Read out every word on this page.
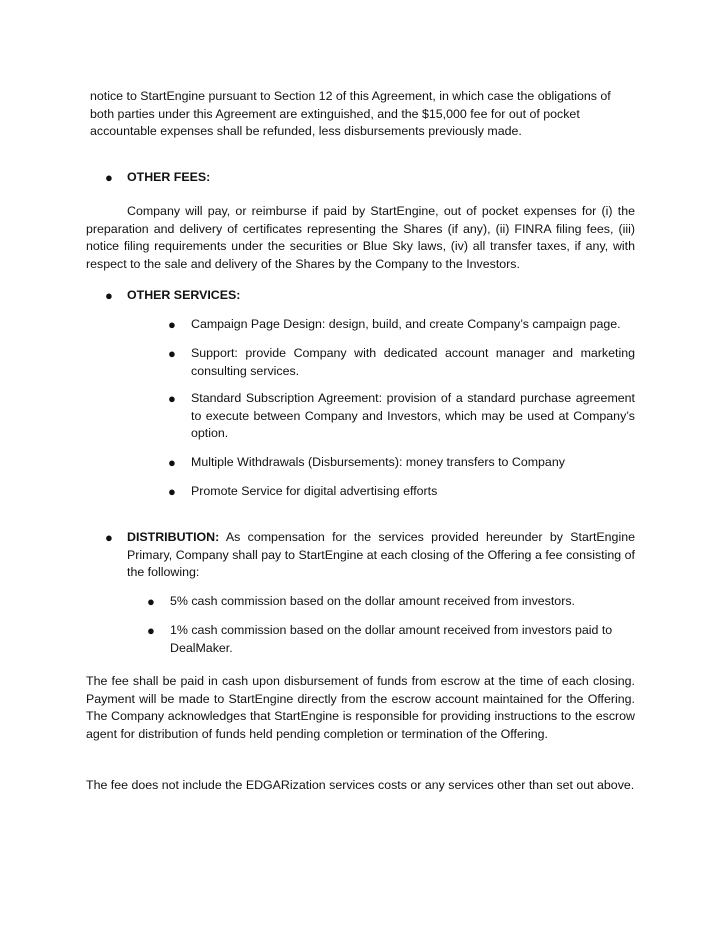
notice to StartEngine pursuant to Section 12 of this Agreement, in which case the obligations of both parties under this Agreement are extinguished, and the $15,000 fee for out of pocket accountable expenses shall be refunded, less disbursements previously made.

● OTHER FEES:

Company will pay, or reimburse if paid by StartEngine, out of pocket expenses for (i) the preparation and delivery of certificates representing the Shares (if any), (ii) FINRA filing fees, (iii) notice filing requirements under the securities or Blue Sky laws, (iv) all transfer taxes, if any, with respect to the sale and delivery of the Shares by the Company to the Investors.

● OTHER SERVICES:
● Campaign Page Design: design, build, and create Company’s campaign page.

● Support: provide Company with dedicated account manager and marketing consulting services.

● Standard Subscription Agreement: provision of a standard purchase agreement to execute between Company and Investors, which may be used at Company’s option.

● Multiple Withdrawals (Disbursements): money transfers to Company

● Promote Service for digital advertising efforts

● DISTRIBUTION: As compensation for the services provided hereunder by StartEngine Primary, Company shall pay to StartEngine at each closing of the Offering a fee consisting of the following:

● 5% cash commission based on the dollar amount received from investors.

● 1% cash commission based on the dollar amount received from investors paid to DealMaker.

The fee shall be paid in cash upon disbursement of funds from escrow at the time of each closing. Payment will be made to StartEngine directly from the escrow account maintained for the Offering. The Company acknowledges that StartEngine is responsible for providing instructions to the escrow agent for distribution of funds held pending completion or termination of the Offering.

The fee does not include the EDGARization services costs or any services other than set out above.
